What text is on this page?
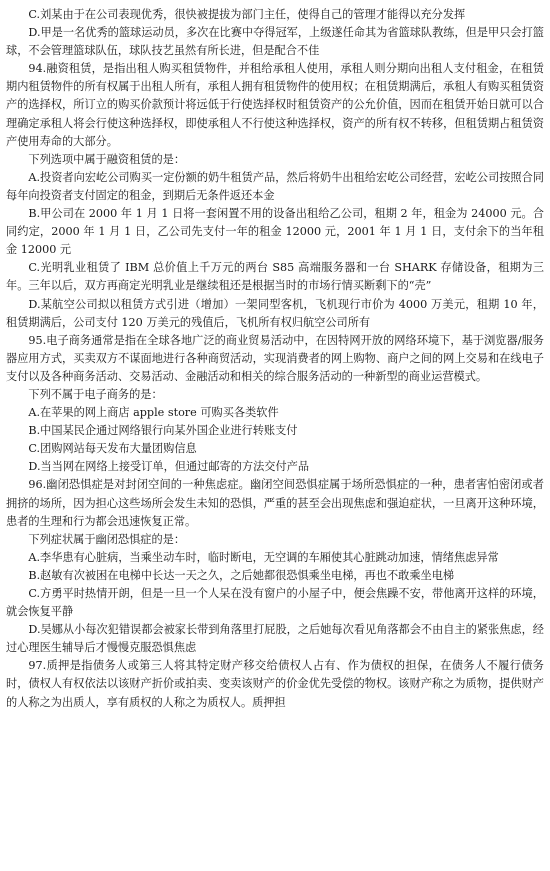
C.刘某由于在公司表现优秀，很快被提拔为部门主任，使得自己的管理才能得以充分发挥

D.甲是一名优秀的篮球运动员，多次在比赛中夺得冠军，上级遂任命其为省篮球队教练，但是甲只会打篮球，不会管理篮球队伍，球队技艺虽然有所长进，但是配合不佳

94.融资租赁，是指出租人购买租赁物件，并租给承租人使用，承租人则分期向出租人支付租金，在租赁期内租赁物件的所有权属于出租人所有，承租人拥有租赁物件的使用权；在租赁期满后，承租人有购买租赁资产的选择权，所订立的购买价款预计将远低于行使选择权时租赁资产的公允价值，因而在租赁开始日就可以合理确定承租人将会行使这种选择权，即使承租人不行使这种选择权，资产的所有权不转移，但租赁期占租赁资产使用寿命的大部分。

下列选项中属于融资租赁的是：

A.投资者向宏屹公司购买一定份额的奶牛租赁产品，然后将奶牛出租给宏屹公司经营，宏屹公司按照合同每年向投资者支付固定的租金，到期后无条件返还本金

B.甲公司在 2000 年 1 月 1 日将一套闲置不用的设备出租给乙公司，租期 2 年，租金为 24000 元。合同约定，2000 年 1 月 1 日，乙公司先支付一年的租金 12000 元，2001 年 1 月 1 日，支付余下的当年租金 12000 元

C.光明乳业租赁了 IBM 总价值上千万元的两台 S85 高端服务器和一台 SHARK 存储设备，租期为三年。三年以后，双方再商定光明乳业是继续租还是根据当时的市场行情买断剩下的“壳”

D.某航空公司拟以租赁方式引进（增加）一架同型客机，飞机现行市价为 4000 万美元，租期 10 年，租赁期满后，公司支付 120 万美元的残值后，飞机所有权归航空公司所有

95.电子商务通常是指在全球各地广泛的商业贸易活动中，在因特网开放的网络环境下，基于浏览器/服务器应用方式，买卖双方不谋面地进行各种商贸活动，实现消费者的网上购物、商户之间的网上交易和在线电子支付以及各种商务活动、交易活动、金融活动和相关的综合服务活动的一种新型的商业运营模式。

下列不属于电子商务的是：

A.在苹果的网上商店 apple store 可购买各类软件

B.中国某民企通过网络银行向某外国企业进行转账支付

C.团购网站每天发布大量团购信息

D.当当网在网络上接受订单，但通过邮寄的方法交付产品

96.幽闭恐惧症是对封闭空间的一种焦虑症。幽闭空间恐惧症属于场所恐惧症的一种，患者害怕密闭或者拥挤的场所，因为担心这些场所会发生未知的恐惧，严重的甚至会出现焦虑和强迫症状，一旦离开这种环境，患者的生理和行为都会迅速恢复正常。

下列症状属于幽闭恐惧症的是：

A.李华患有心脏病，当乘坐动车时，临时断电，无空调的车厢使其心脏跳动加速，情绪焦虑异常

B.赵敏有次被困在电梯中长达一天之久，之后她都很恐惧乘坐电梯，再也不敢乘坐电梯

C.方勇平时热情开朗，但是一旦一个人呆在没有窗户的小屋子中，便会焦躁不安，带他离开这样的环境，就会恢复平静

D.吴娜从小每次犯错误都会被家长带到角落里打屁股，之后她每次看见角落都会不由自主的紧张焦虑，经过心理医生辅导后才慢慢克服恐惧焦虑

97.质押是指债务人或第三人将其特定财产移交给债权人占有、作为债权的担保，在债务人不履行债务时，债权人有权依法以该财产折价或拍卖、变卖该财产的价金优先受偿的物权。该财产称之为质物，提供财产的人称之为出质人，享有质权的人称之为质权人。质押担
